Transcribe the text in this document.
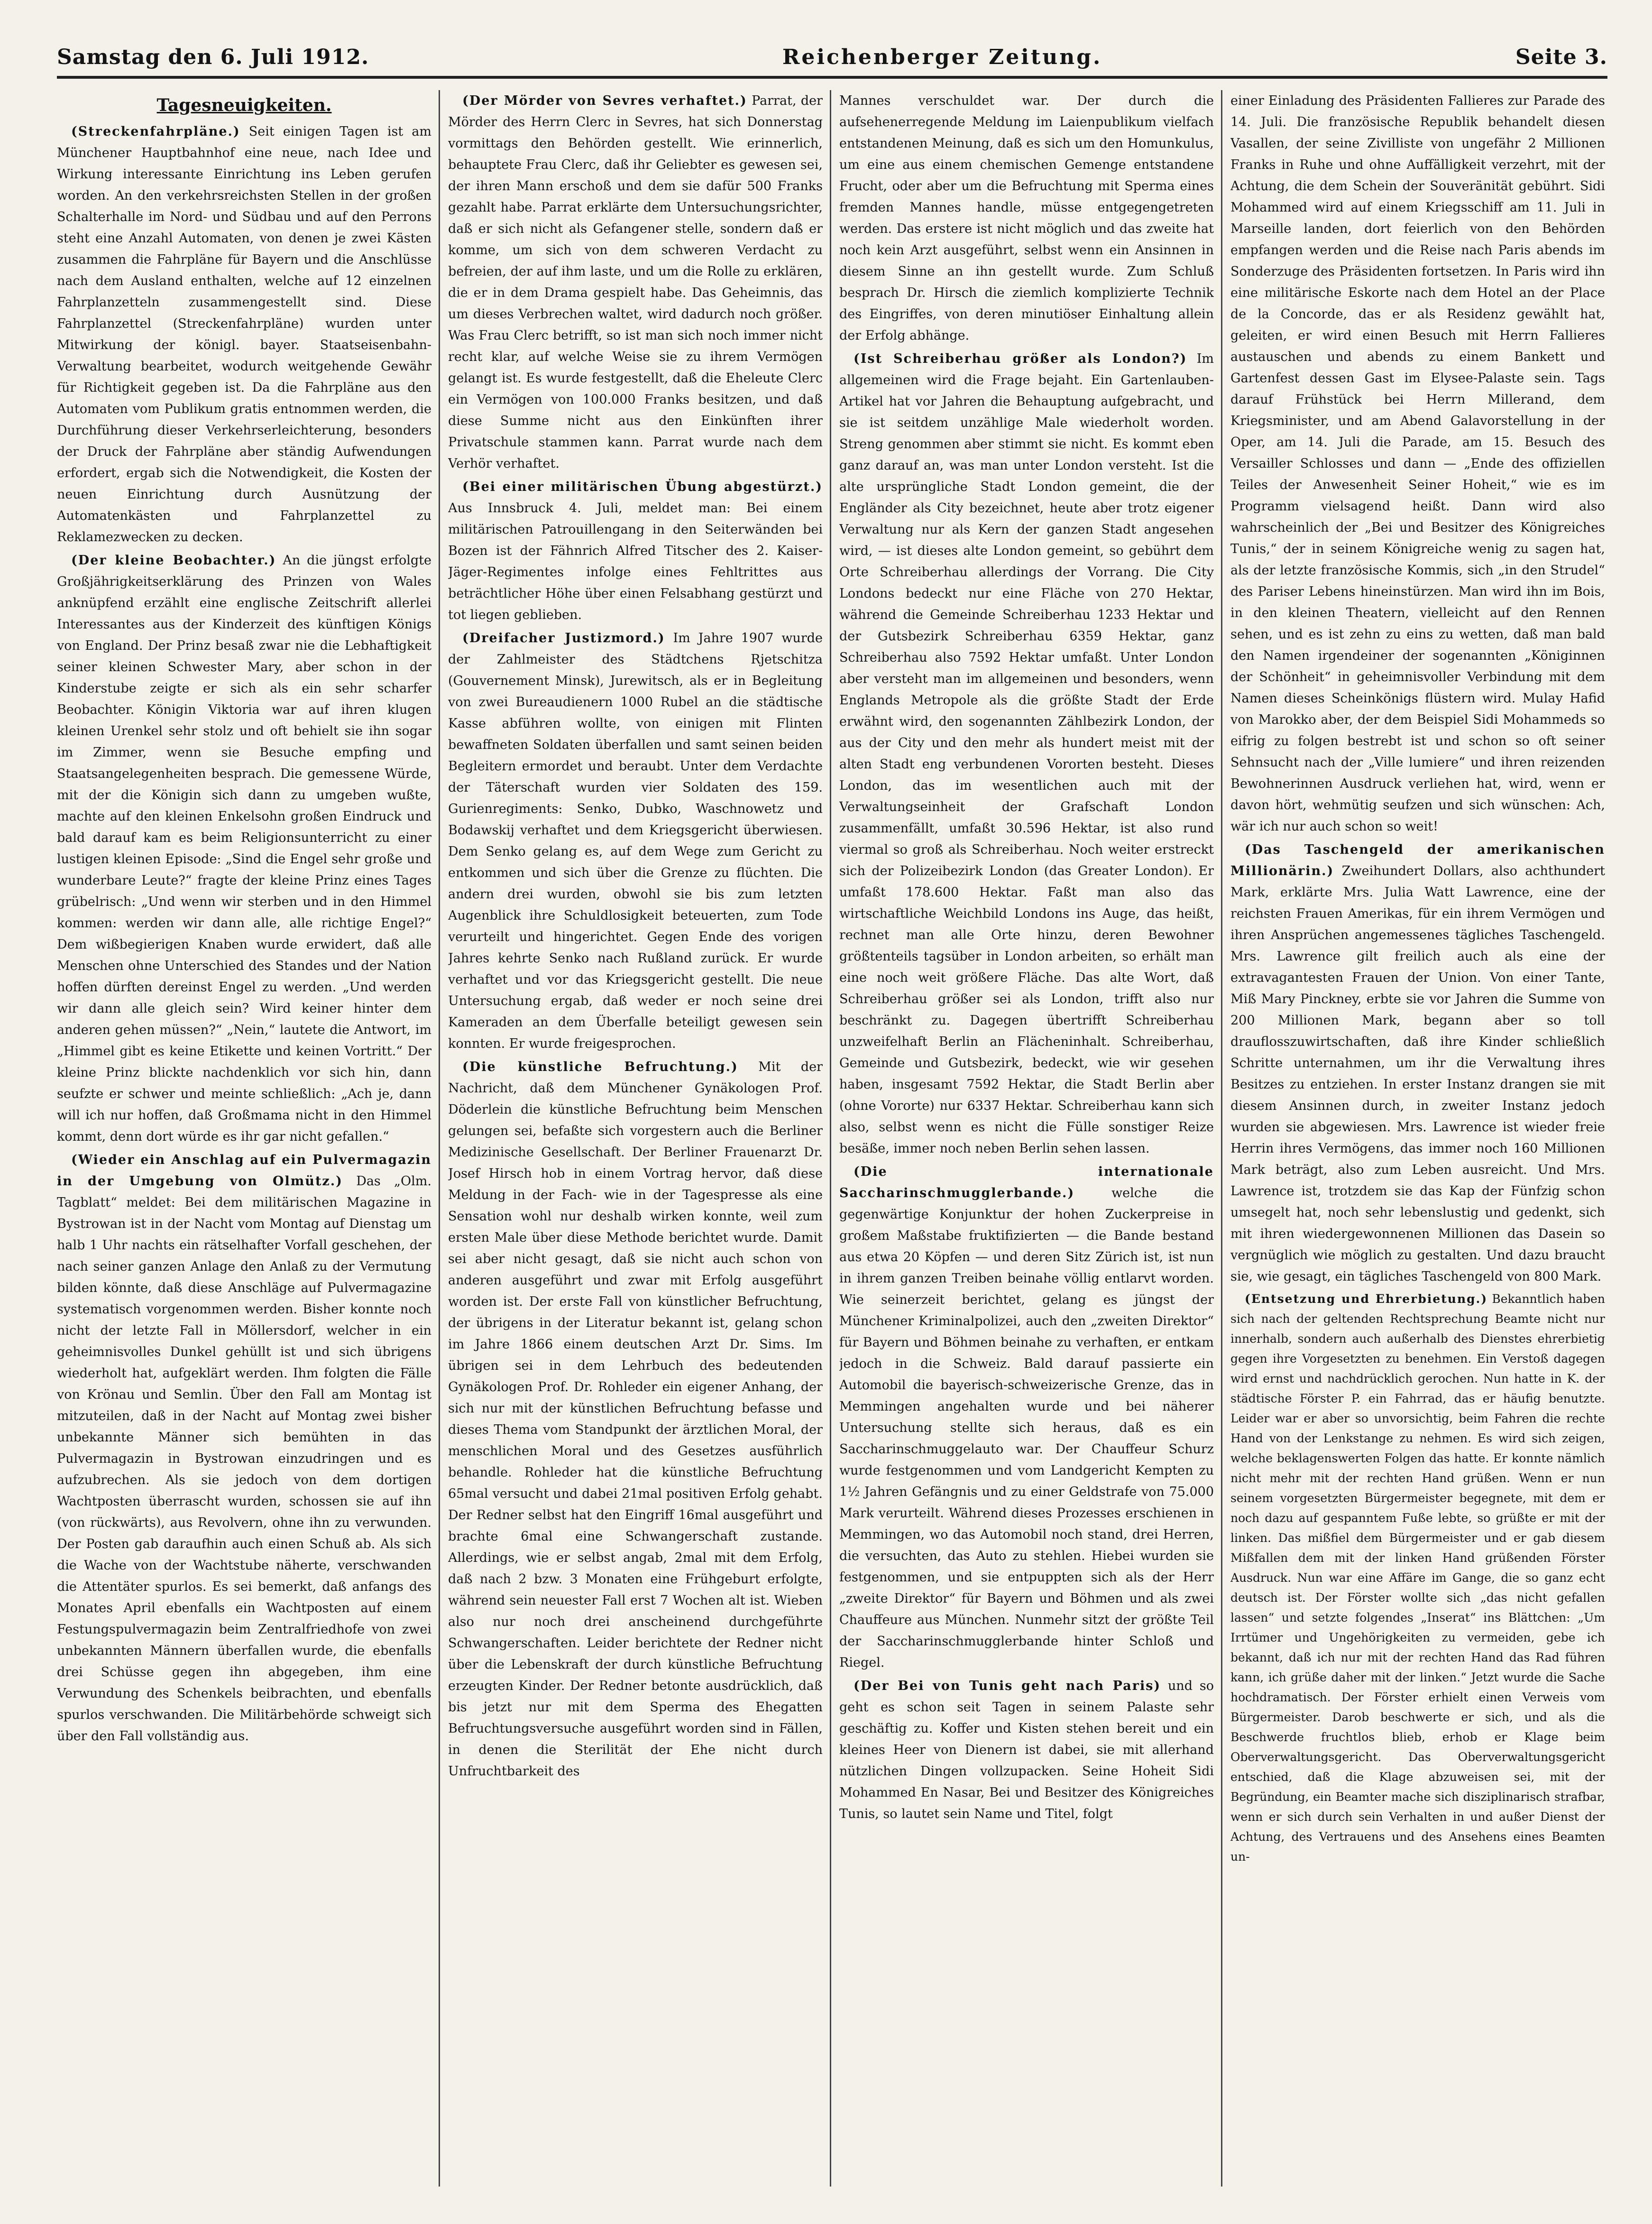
Samstag den 6. Juli 1912.	Reichenberger Zeitung.	Seite 3.
Tagesneuigkeiten.

(Streckenfahrpläne.) Seit einigen Tagen ist am Münchener Hauptbahnhof eine neue, nach Idee und Wirkung interessante Einrichtung ins Leben gerufen worden. An den verkehrsreichsten Stellen in der großen Schalterhalle im Nord- und Südbau und auf den Perrons steht eine Anzahl Automaten, von denen je zwei Kästen zusammen die Fahrpläne für Bayern und die Anschlüsse nach dem Ausland enthalten, welche auf 12 einzelnen Fahrplanzetteln zusammengestellt sind. Diese Fahrplanzettel (Streckenfahrpläne) wurden unter Mitwirkung der königl. bayer. Staatseisenbahn-Verwaltung bearbeitet, wodurch weitgehende Gewähr für Richtigkeit gegeben ist. Da die Fahrpläne aus den Automaten vom Publikum gratis entnommen werden, die Durchführung dieser Verkehrserleichterung, besonders der Druck der Fahrpläne aber ständig Aufwendungen erfordert, ergab sich die Notwendigkeit, die Kosten der neuen Einrichtung durch Ausnützung der Automatenkästen und Fahrplanzettel zu Reklamezwecken zu decken.

(Der kleine Beobachter.) An die jüngst erfolgte Großjährigkeitserklärung des Prinzen von Wales anknüpfend erzählt eine englische Zeitschrift allerlei Interessantes aus der Kinderzeit des künftigen Königs von England. Der Prinz besaß zwar nie die Lebhaftigkeit seiner kleinen Schwester Mary, aber schon in der Kinderstube zeigte er sich als ein sehr scharfer Beobachter. Königin Viktoria war auf ihren klugen kleinen Urenkel sehr stolz und oft behielt sie ihn sogar im Zimmer, wenn sie Besuche empfing und Staatsangelegenheiten besprach. Die gemessene Würde, mit der die Königin sich dann zu umgeben wußte, machte auf den kleinen Enkelsohn großen Eindruck und bald darauf kam es beim Religionsunterricht zu einer lustigen kleinen Episode: „Sind die Engel sehr große und wunderbare Leute?“ fragte der kleine Prinz eines Tages grübelrisch: „Und wenn wir sterben und in den Himmel kommen: werden wir dann alle, alle richtige Engel?“ Dem wißbegierigen Knaben wurde erwidert, daß alle Menschen ohne Unterschied des Standes und der Nation hoffen dürften dereinst Engel zu werden. „Und werden wir dann alle gleich sein? Wird keiner hinter dem anderen gehen müssen?“ „Nein,“ lautete die Antwort, im „Himmel gibt es keine Etikette und keinen Vortritt.“ Der kleine Prinz blickte nachdenklich vor sich hin, dann seufzte er schwer und meinte schließlich: „Ach je, dann will ich nur hoffen, daß Großmama nicht in den Himmel kommt, denn dort würde es ihr gar nicht gefallen.“

(Wieder ein Anschlag auf ein Pulvermagazin in der Umgebung von Olmütz.) Das „Olm. Tagblatt“ meldet: Bei dem militärischen Magazine in Bystrowan ist in der Nacht vom Montag auf Dienstag um halb 1 Uhr nachts ein rätselhafter Vorfall geschehen, der nach seiner ganzen Anlage den Anlaß zu der Vermutung bilden könnte, daß diese Anschläge auf Pulvermagazine systematisch vorgenommen werden. Bisher konnte noch nicht der letzte Fall in Möllersdorf, welcher in ein geheimnisvolles Dunkel gehüllt ist und sich übrigens wiederholt hat, aufgeklärt werden. Ihm folgten die Fälle von Krönau und Semlin. Über den Fall am Montag ist mitzuteilen, daß in der Nacht auf Montag zwei bisher unbekannte Männer sich bemühten in das Pulvermagazin in Bystrowan einzudringen und es aufzubrechen. Als sie jedoch von dem dortigen Wachtposten überrascht wurden, schossen sie auf ihn (von rückwärts), aus Revolvern, ohne ihn zu verwunden. Der Posten gab daraufhin auch einen Schuß ab. Als sich die Wache von der Wachtstube näherte, verschwanden die Attentäter spurlos. Es sei bemerkt, daß anfangs des Monates April ebenfalls ein Wachtposten auf einem Festungspulvermagazin beim Zentralfriedhofe von zwei unbekannten Männern überfallen wurde, die ebenfalls drei Schüsse gegen ihn abgegeben, ihm eine Verwundung des Schenkels beibrachten, und ebenfalls spurlos verschwanden. Die Militärbehörde schweigt sich über den Fall vollständig aus.

(Der Mörder von Sevres verhaftet.) Parrat, der Mörder des Herrn Clerc in Sevres, hat sich Donnerstag vormittags den Behörden gestellt. Wie erinnerlich, behauptete Frau Clerc, daß ihr Geliebter es gewesen sei, der ihren Mann erschoß und dem sie dafür 500 Franks gezahlt habe. Parrat erklärte dem Untersuchungsrichter, daß er sich nicht als Gefangener stelle, sondern daß er komme, um sich von dem schweren Verdacht zu befreien, der auf ihm laste, und um die Rolle zu erklären, die er in dem Drama gespielt habe. Das Geheimnis, das um dieses Verbrechen waltet, wird dadurch noch größer. Was Frau Clerc betrifft, so ist man sich noch immer nicht recht klar, auf welche Weise sie zu ihrem Vermögen gelangt ist. Es wurde festgestellt, daß die Eheleute Clerc ein Vermögen von 100.000 Franks besitzen, und daß diese Summe nicht aus den Einkünften ihrer Privatschule stammen kann. Parrat wurde nach dem Verhör verhaftet.

(Bei einer militärischen Übung abgestürzt.) Aus Innsbruck 4. Juli, meldet man: Bei einem militärischen Patrouillengang in den Seiterwänden bei Bozen ist der Fähnrich Alfred Titscher des 2. Kaiser-Jäger-Regimentes infolge eines Fehltrittes aus beträchtlicher Höhe über einen Felsabhang gestürzt und tot liegen geblieben.

(Dreifacher Justizmord.) Im Jahre 1907 wurde der Zahlmeister des Städtchens Rjetschitza (Gouvernement Minsk), Jurewitsch, als er in Begleitung von zwei Bureaudienern 1000 Rubel an die städtische Kasse abführen wollte, von einigen mit Flinten bewaffneten Soldaten überfallen und samt seinen beiden Begleitern ermordet und beraubt. Unter dem Verdachte der Täterschaft wurden vier Soldaten des 159. Gurienregiments: Senko, Dubko, Waschnowetz und Bodawskij verhaftet und dem Kriegsgericht überwiesen. Dem Senko gelang es, auf dem Wege zum Gericht zu entkommen und sich über die Grenze zu flüchten. Die andern drei wurden, obwohl sie bis zum letzten Augenblick ihre Schuldlosigkeit beteuerten, zum Tode verurteilt und hingerichtet. Gegen Ende des vorigen Jahres kehrte Senko nach Rußland zurück. Er wurde verhaftet und vor das Kriegsgericht gestellt. Die neue Untersuchung ergab, daß weder er noch seine drei Kameraden an dem Überfalle beteiligt gewesen sein konnten. Er wurde freigesprochen.

(Die künstliche Befruchtung.) Mit der Nachricht, daß dem Münchener Gynäkologen Prof. Döderlein die künstliche Befruchtung beim Menschen gelungen sei, befaßte sich vorgestern auch die Berliner Medizinische Gesellschaft. Der Berliner Frauenarzt Dr. Josef Hirsch hob in einem Vortrag hervor, daß diese Meldung in der Fach- wie in der Tagespresse als eine Sensation wohl nur deshalb wirken konnte, weil zum ersten Male über diese Methode berichtet wurde. Damit sei aber nicht gesagt, daß sie nicht auch schon von anderen ausgeführt und zwar mit Erfolg ausgeführt worden ist. Der erste Fall von künstlicher Befruchtung, der übrigens in der Literatur bekannt ist, gelang schon im Jahre 1866 einem deutschen Arzt Dr. Sims. Im übrigen sei in dem Lehrbuch des bedeutenden Gynäkologen Prof. Dr. Rohleder ein eigener Anhang, der sich nur mit der künstlichen Befruchtung befasse und dieses Thema vom Standpunkt der ärztlichen Moral, der menschlichen Moral und des Gesetzes ausführlich behandle. Rohleder hat die künstliche Befruchtung 65mal versucht und dabei 21mal positiven Erfolg gehabt. Der Redner selbst hat den Eingriff 16mal ausgeführt und brachte 6mal eine Schwangerschaft zustande. Allerdings, wie er selbst angab, 2mal mit dem Erfolg, daß nach 2 bzw. 3 Monaten eine Frühgeburt erfolgte, während sein neuester Fall erst 7 Wochen alt ist. Wieben also nur noch drei anscheinend durchgeführte Schwangerschaften. Leider berichtete der Redner nicht über die Lebenskraft der durch künstliche Befruchtung erzeugten Kinder. Der Redner betonte ausdrücklich, daß bis jetzt nur mit dem Sperma des Ehegatten Befruchtungsversuche ausgeführt worden sind in Fällen, in denen die Sterilität der Ehe nicht durch Unfruchtbarkeit des

Mannes verschuldet war. Der durch die aufsehenerregende Meldung im Laienpublikum vielfach entstandenen Meinung, daß es sich um den Homunkulus, um eine aus einem chemischen Gemenge entstandene Frucht, oder aber um die Befruchtung mit Sperma eines fremden Mannes handle, müsse entgegengetreten werden. Das erstere ist nicht möglich und das zweite hat noch kein Arzt ausgeführt, selbst wenn ein Ansinnen in diesem Sinne an ihn gestellt wurde. Zum Schluß besprach Dr. Hirsch die ziemlich komplizierte Technik des Eingriffes, von deren minutiöser Einhaltung allein der Erfolg abhänge.

(Ist Schreiberhau größer als London?) Im allgemeinen wird die Frage bejaht. Ein Gartenlauben-Artikel hat vor Jahren die Behauptung aufgebracht, und sie ist seitdem unzählige Male wiederholt worden. Streng genommen aber stimmt sie nicht. Es kommt eben ganz darauf an, was man unter London versteht. Ist die alte ursprüngliche Stadt London gemeint, die der Engländer als City bezeichnet, heute aber trotz eigener Verwaltung nur als Kern der ganzen Stadt angesehen wird, — ist dieses alte London gemeint, so gebührt dem Orte Schreiberhau allerdings der Vorrang. Die City Londons bedeckt nur eine Fläche von 270 Hektar, während die Gemeinde Schreiberhau 1233 Hektar und der Gutsbezirk Schreiberhau 6359 Hektar, ganz Schreiberhau also 7592 Hektar umfaßt. Unter London aber versteht man im allgemeinen und besonders, wenn Englands Metropole als die größte Stadt der Erde erwähnt wird, den sogenannten Zählbezirk London, der aus der City und den mehr als hundert meist mit der alten Stadt eng verbundenen Vororten besteht. Dieses London, das im wesentlichen auch mit der Verwaltungseinheit der Grafschaft London zusammenfällt, umfaßt 30.596 Hektar, ist also rund viermal so groß als Schreiberhau. Noch weiter erstreckt sich der Polizeibezirk London (das Greater London). Er umfaßt 178.600 Hektar. Faßt man also das wirtschaftliche Weichbild Londons ins Auge, das heißt, rechnet man alle Orte hinzu, deren Bewohner größtenteils tagsüber in London arbeiten, so erhält man eine noch weit größere Fläche. Das alte Wort, daß Schreiberhau größer sei als London, trifft also nur beschränkt zu. Dagegen übertrifft Schreiberhau unzweifelhaft Berlin an Flächeninhalt. Schreiberhau, Gemeinde und Gutsbezirk, bedeckt, wie wir gesehen haben, insgesamt 7592 Hektar, die Stadt Berlin aber (ohne Vororte) nur 6337 Hektar. Schreiberhau kann sich also, selbst wenn es nicht die Fülle sonstiger Reize besäße, immer noch neben Berlin sehen lassen.

(Die internationale Saccharinschmugglerbande.)	welche die gegenwärtige Konjunktur der hohen Zuckerpreise in großem Maßstabe fruktifizierten — die Bande bestand aus etwa 20 Köpfen — und deren Sitz Zürich ist, ist nun in ihrem ganzen Treiben beinahe völlig entlarvt worden. Wie seinerzeit berichtet, gelang es jüngst der Münchener Kriminalpolizei, auch den „zweiten Direktor“ für Bayern und Böhmen beinahe zu verhaften, er entkam jedoch in die Schweiz. Bald darauf passierte ein Automobil die bayerisch-schweizerische Grenze, das in Memmingen angehalten wurde und bei näherer Untersuchung stellte sich heraus, daß es ein Saccharinschmuggelauto war. Der Chauffeur Schurz wurde festgenommen und vom Landgericht Kempten zu 1½ Jahren Gefängnis und zu einer Geldstrafe von 75.000 Mark verurteilt. Während dieses Prozesses erschienen in Memmingen, wo das Automobil noch stand, drei Herren, die versuchten, das Auto zu stehlen. Hiebei wurden sie festgenommen, und sie entpuppten sich als der Herr „zweite Direktor“ für Bayern und Böhmen und als zwei Chauffeure aus München. Nunmehr sitzt der größte Teil der Saccharinschmugglerbande hinter Schloß und Riegel.

(Der Bei von Tunis geht nach Paris) und so geht es schon seit Tagen in seinem Palaste sehr geschäftig zu. Koffer und Kisten stehen bereit und ein kleines Heer von Dienern ist dabei, sie mit allerhand nützlichen Dingen vollzupacken. Seine Hoheit Sidi Mohammed En Nasar, Bei und Besitzer des Königreiches Tunis, so lautet sein Name und Titel, folgt

einer Einladung des Präsidenten Fallieres zur Parade des 14. Juli. Die französische Republik behandelt diesen Vasallen, der seine Zivilliste von ungefähr 2 Millionen Franks in Ruhe und ohne Auffälligkeit verzehrt, mit der Achtung, die dem Schein der Souveränität gebührt. Sidi Mohammed wird auf einem Kriegsschiff am 11. Juli in Marseille landen, dort feierlich von den Behörden empfangen werden und die Reise nach Paris abends im Sonderzuge des Präsidenten fortsetzen. In Paris wird ihn eine militärische Eskorte nach dem Hotel an der Place de la Concorde, das er als Residenz gewählt hat, geleiten, er wird einen Besuch mit Herrn Fallieres austauschen und abends zu einem Bankett und Gartenfest dessen Gast im Elysee-Palaste sein. Tags darauf Frühstück bei Herrn Millerand, dem Kriegsminister, und am Abend Galavorstellung in der Oper, am 14. Juli die Parade, am 15. Besuch des Versailler Schlosses und dann — „Ende des offiziellen Teiles der Anwesenheit Seiner Hoheit,“ wie es im Programm vielsagend heißt. Dann wird also wahrscheinlich der „Bei und Besitzer des Königreiches Tunis,“ der in seinem Königreiche wenig zu sagen hat, als der letzte französische Kommis, sich „in den Strudel“ des Pariser Lebens hineinstürzen. Man wird ihn im Bois, in den kleinen Theatern, vielleicht auf den Rennen sehen, und es ist zehn zu eins zu wetten, daß man bald den Namen irgendeiner der sogenannten „Königinnen der Schönheit“ in geheimnisvoller Verbindung mit dem Namen dieses Scheinkönigs flüstern wird. Mulay Hafid von Marokko aber, der dem Beispiel Sidi Mohammeds so eifrig zu folgen bestrebt ist und schon so oft seiner Sehnsucht nach der „Ville lumiere“ und ihren reizenden Bewohnerinnen Ausdruck verliehen hat, wird, wenn er davon hört, wehmütig seufzen und sich wünschen: Ach, wär ich nur auch schon so weit!

(Das Taschengeld der amerikanischen Millionärin.) Zweihundert Dollars, also achthundert Mark, erklärte Mrs. Julia Watt Lawrence, eine der reichsten Frauen Amerikas, für ein ihrem Vermögen und ihren Ansprüchen angemessenes tägliches Taschengeld. Mrs. Lawrence gilt freilich auch als eine der extravagantesten Frauen der Union. Von einer Tante, Miß Mary Pinckney, erbte sie vor Jahren die Summe von 200 Millionen Mark, begann aber so toll drauflosszuwirtschaften, daß ihre Kinder schließlich Schritte unternahmen, um ihr die Verwaltung ihres Besitzes zu entziehen. In erster Instanz drangen sie mit diesem Ansinnen durch, in zweiter Instanz jedoch wurden sie abgewiesen. Mrs. Lawrence ist wieder freie Herrin ihres Vermögens, das immer noch 160 Millionen Mark beträgt, also zum Leben ausreicht. Und Mrs. Lawrence ist, trotzdem sie das Kap der Fünfzig schon umsegelt hat, noch sehr lebenslustig und gedenkt, sich mit ihren wiedergewonnenen Millionen das Dasein so vergnüglich wie möglich zu gestalten. Und dazu braucht sie, wie gesagt, ein tägliches Taschengeld von 800 Mark.

(Entsetzung und Ehrerbietung.) Bekanntlich haben sich nach der geltenden Rechtsprechung Beamte nicht nur innerhalb, sondern auch außerhalb des Dienstes ehrerbietig gegen ihre Vorgesetzten zu benehmen. Ein Verstoß dagegen wird ernst und nachdrücklich gerochen. Nun hatte in K. der städtische Förster P. ein Fahrrad, das er häufig benutzte. Leider war er aber so unvorsichtig, beim Fahren die rechte Hand von der Lenkstange zu nehmen. Es wird sich zeigen, welche beklagenswerten Folgen das hatte. Er konnte nämlich nicht mehr mit der rechten Hand grüßen. Wenn er nun seinem vorgesetzten Bürgermeister begegnete, mit dem er noch dazu auf gespanntem Fuße lebte, so grüßte er mit der linken. Das mißfiel dem Bürgermeister und er gab diesem Mißfallen dem mit der linken Hand grüßenden Förster Ausdruck. Nun war eine Affäre im Gange, die so ganz echt deutsch ist. Der Förster wollte sich „das nicht gefallen lassen“ und setzte folgendes „Inserat“ ins Blättchen: „Um Irrtümer und Ungehörigkeiten zu vermeiden, gebe ich bekannt, daß ich nur mit der rechten Hand das Rad führen kann, ich grüße daher mit der linken.“ Jetzt wurde die Sache hochdramatisch. Der Förster erhielt einen Verweis vom Bürgermeister. Darob beschwerte er sich, und als die Beschwerde fruchtlos blieb, erhob er Klage beim Oberverwaltungsgericht. Das Oberverwaltungsgericht entschied, daß die Klage abzuweisen sei, mit der Begründung, ein Beamter mache sich disziplinarisch strafbar, wenn er sich durch sein Verhalten in und außer Dienst der Achtung, des Vertrauens und des Ansehens eines Beamten un-
